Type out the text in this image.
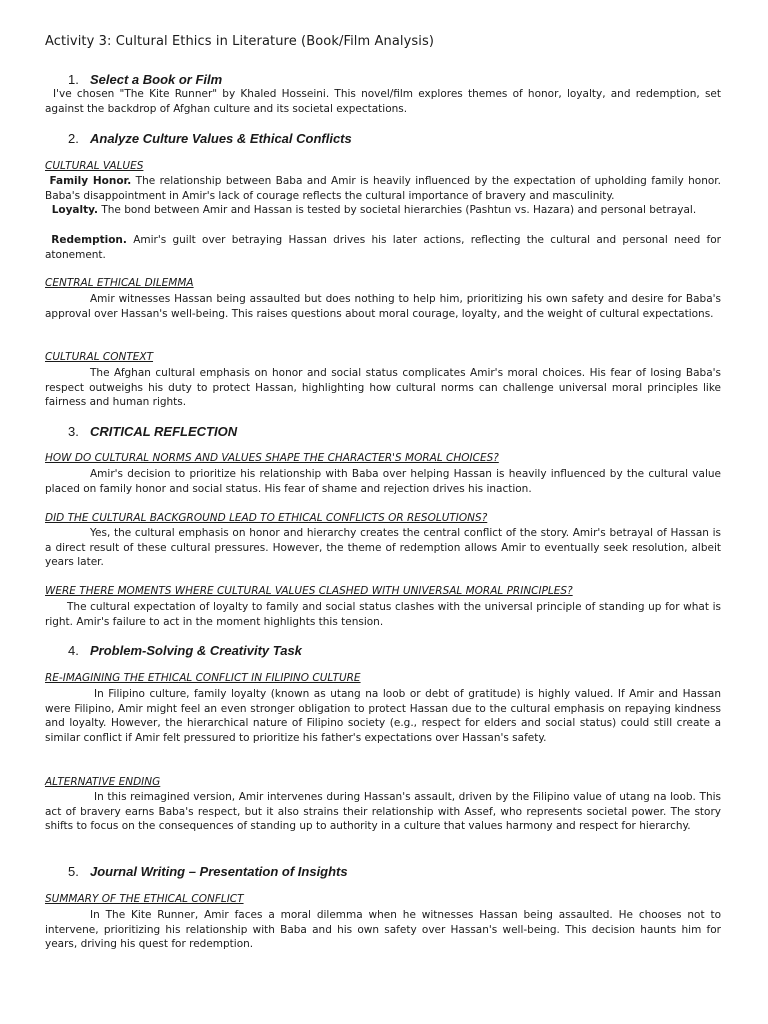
Activity 3: Cultural Ethics in Literature (Book/Film Analysis)
1. Select a Book or Film
I've chosen "The Kite Runner" by Khaled Hosseini. This novel/film explores themes of honor, loyalty, and redemption, set against the backdrop of Afghan culture and its societal expectations.
2. Analyze Culture Values & Ethical Conflicts
CULTURAL VALUES
Family Honor. The relationship between Baba and Amir is heavily influenced by the expectation of upholding family honor. Baba's disappointment in Amir's lack of courage reflects the cultural importance of bravery and masculinity.
Loyalty. The bond between Amir and Hassan is tested by societal hierarchies (Pashtun vs. Hazara) and personal betrayal.
Redemption. Amir's guilt over betraying Hassan drives his later actions, reflecting the cultural and personal need for atonement.
CENTRAL ETHICAL DILEMMA
Amir witnesses Hassan being assaulted but does nothing to help him, prioritizing his own safety and desire for Baba's approval over Hassan's well-being. This raises questions about moral courage, loyalty, and the weight of cultural expectations.
CULTURAL CONTEXT
The Afghan cultural emphasis on honor and social status complicates Amir's moral choices. His fear of losing Baba's respect outweighs his duty to protect Hassan, highlighting how cultural norms can challenge universal moral principles like fairness and human rights.
3. CRITICAL REFLECTION
HOW DO CULTURAL NORMS AND VALUES SHAPE THE CHARACTER'S MORAL CHOICES?
Amir's decision to prioritize his relationship with Baba over helping Hassan is heavily influenced by the cultural value placed on family honor and social status. His fear of shame and rejection drives his inaction.
DID THE CULTURAL BACKGROUND LEAD TO ETHICAL CONFLICTS OR RESOLUTIONS?
Yes, the cultural emphasis on honor and hierarchy creates the central conflict of the story. Amir's betrayal of Hassan is a direct result of these cultural pressures. However, the theme of redemption allows Amir to eventually seek resolution, albeit years later.
WERE THERE MOMENTS WHERE CULTURAL VALUES CLASHED WITH UNIVERSAL MORAL PRINCIPLES?
The cultural expectation of loyalty to family and social status clashes with the universal principle of standing up for what is right. Amir's failure to act in the moment highlights this tension.
4. Problem-Solving & Creativity Task
RE-IMAGINING THE ETHICAL CONFLICT IN FILIPINO CULTURE
In Filipino culture, family loyalty (known as utang na loob or debt of gratitude) is highly valued. If Amir and Hassan were Filipino, Amir might feel an even stronger obligation to protect Hassan due to the cultural emphasis on repaying kindness and loyalty. However, the hierarchical nature of Filipino society (e.g., respect for elders and social status) could still create a similar conflict if Amir felt pressured to prioritize his father's expectations over Hassan's safety.
ALTERNATIVE ENDING
In this reimagined version, Amir intervenes during Hassan's assault, driven by the Filipino value of utang na loob. This act of bravery earns Baba's respect, but it also strains their relationship with Assef, who represents societal power. The story shifts to focus on the consequences of standing up to authority in a culture that values harmony and respect for hierarchy.
5. Journal Writing – Presentation of Insights
SUMMARY OF THE ETHICAL CONFLICT
In The Kite Runner, Amir faces a moral dilemma when he witnesses Hassan being assaulted. He chooses not to intervene, prioritizing his relationship with Baba and his own safety over Hassan's well-being. This decision haunts him for years, driving his quest for redemption.
